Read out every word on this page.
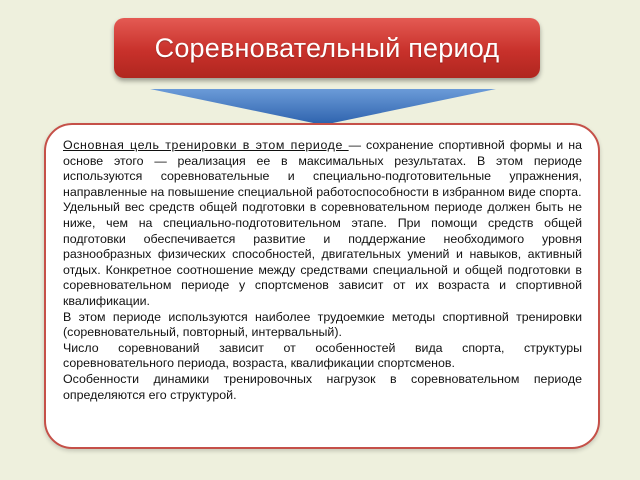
Соревновательный период

Основная цель тренировки в этом периоде — сохранение спортивной формы и на основе этого — реализация ее в максимальных результатах. В этом периоде используются соревновательные и специально-подготовительные упражнения, направленные на повышение специальной работоспособности в избранном виде спорта.

Удельный вес средств общей подготовки в соревновательном периоде должен быть не ниже, чем на специально-подготовительном этапе. При помощи средств общей подготовки обеспечивается развитие и поддержание необходимого уровня разнообразных физических способностей, двигательных умений и навыков, активный отдых. Конкретное соотношение между средствами специальной и общей подготовки в соревновательном периоде у спортсменов зависит от их возраста и спортивной квалификации.

В этом периоде используются наиболее трудоемкие методы спортивной тренировки (соревновательный, повторный, интервальный).

Число соревнований зависит от особенностей вида спорта, структуры соревновательного периода, возраста, квалификации спортсменов.

Особенности динамики тренировочных нагрузок в соревновательном периоде определяются его структурой.
